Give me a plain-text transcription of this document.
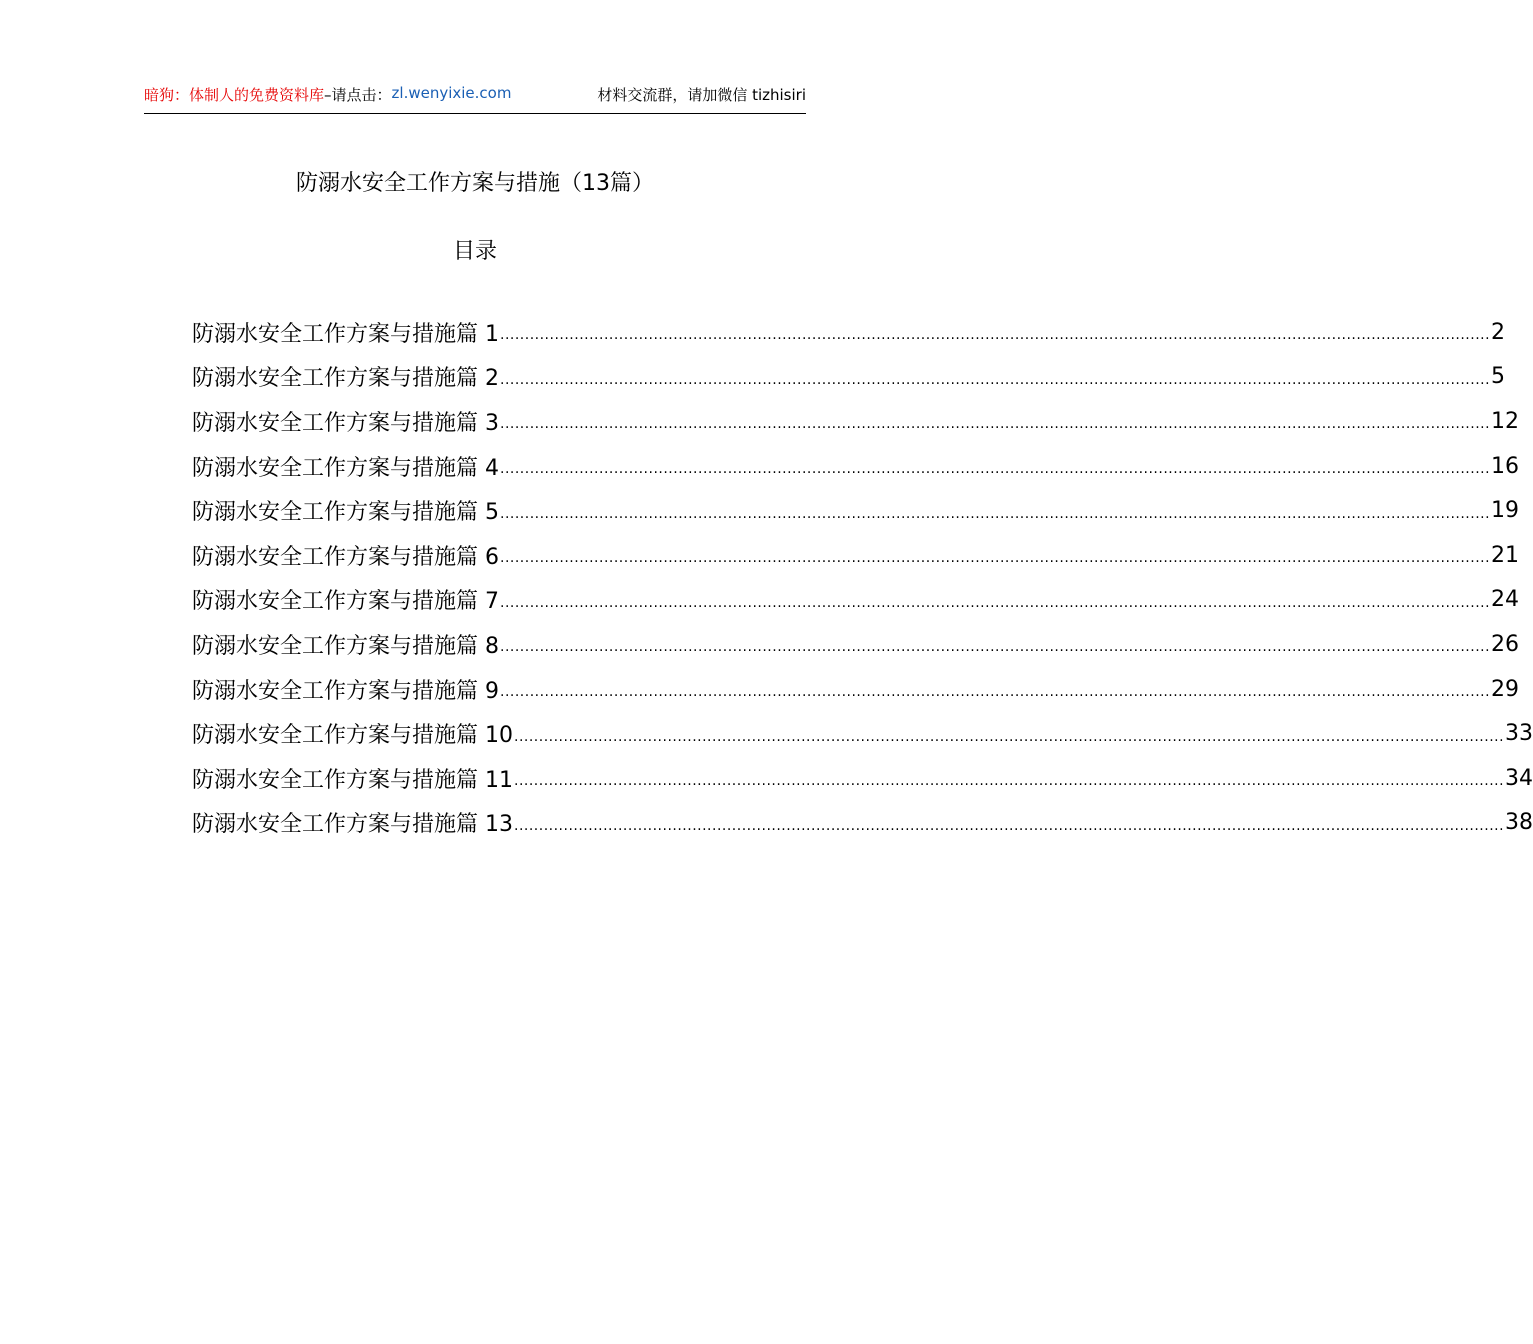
暗狗：体制人的免费资料库 –请点击： zl.wenyixie.com	材料交流群，请加微信 tizhisiri
防溺水安全工作方案与措施（13篇）
目录
防溺水安全工作方案与措施篇 1 ........................................................................................................................................................................................................ 2
防溺水安全工作方案与措施篇 2 ........................................................................................................................................................................................................ 5
防溺水安全工作方案与措施篇 3 ........................................................................................................................................................................................................ 12
防溺水安全工作方案与措施篇 4 ........................................................................................................................................................................................................ 16
防溺水安全工作方案与措施篇 5 ........................................................................................................................................................................................................ 19
防溺水安全工作方案与措施篇 6 ........................................................................................................................................................................................................ 21
防溺水安全工作方案与措施篇 7 ........................................................................................................................................................................................................ 24
防溺水安全工作方案与措施篇 8 ........................................................................................................................................................................................................ 26
防溺水安全工作方案与措施篇 9 ........................................................................................................................................................................................................ 29
防溺水安全工作方案与措施篇 10 ........................................................................................................................................................................................................ 33
防溺水安全工作方案与措施篇 11 ........................................................................................................................................................................................................ 34
防溺水安全工作方案与措施篇 13 ........................................................................................................................................................................................................ 38
